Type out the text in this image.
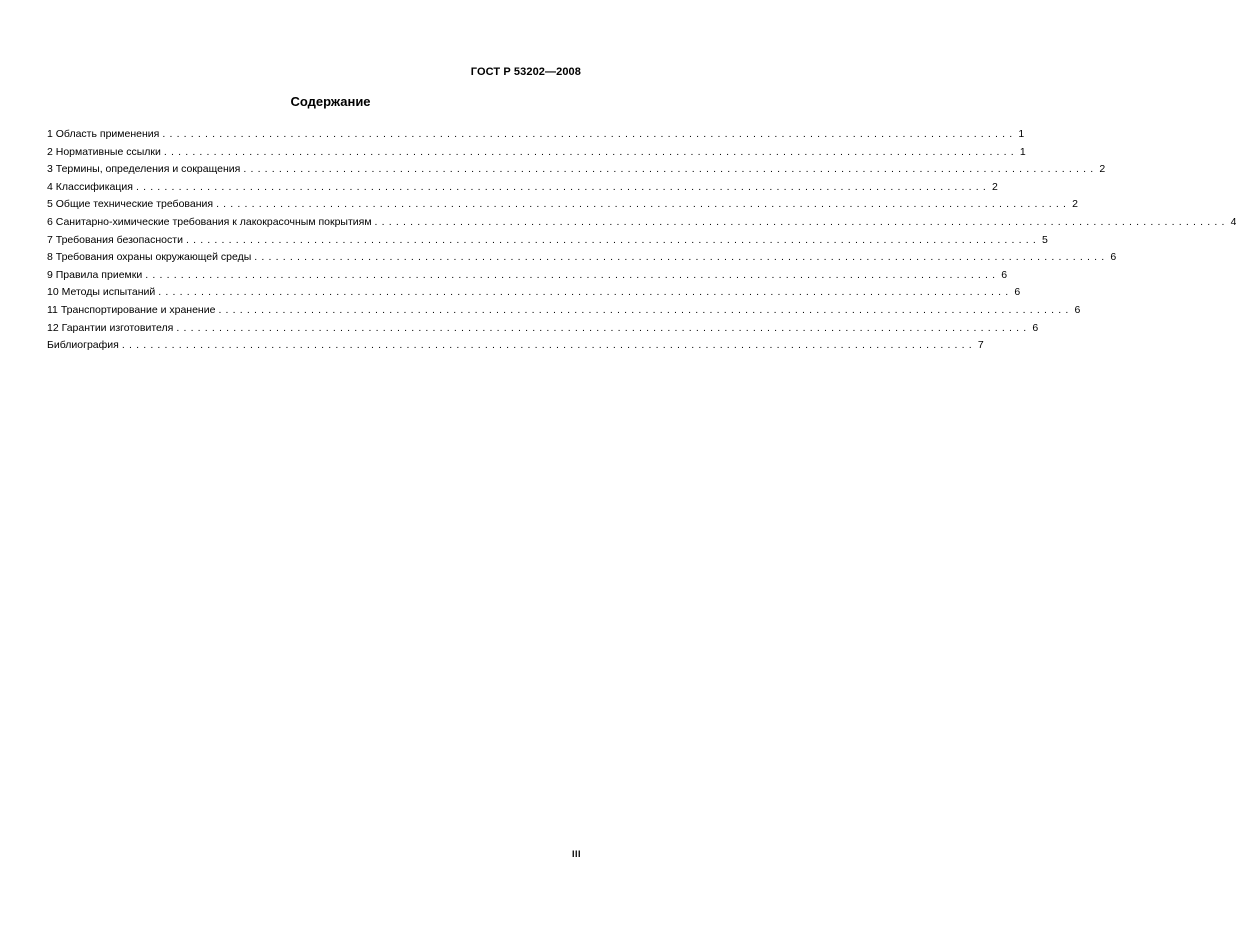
ГОСТ Р 53202—2008
Содержание
1 Область применения ........................................................................................................................ 1
2 Нормативные ссылки ........................................................................................................................ 1
3 Термины, определения и сокращения ........................................................................................................................ 2
4 Классификация ........................................................................................................................ 2
5 Общие технические требования ........................................................................................................................ 2
6 Санитарно-химические требования к лакокрасочным покрытиям ........................................................................................................................ 4
7 Требования безопасности ........................................................................................................................ 5
8 Требования охраны окружающей среды ........................................................................................................................ 6
9 Правила приемки ........................................................................................................................ 6
10 Методы испытаний ........................................................................................................................ 6
11 Транспортирование и хранение ........................................................................................................................ 6
12 Гарантии изготовителя ........................................................................................................................ 6
Библиография ........................................................................................................................ 7
III
